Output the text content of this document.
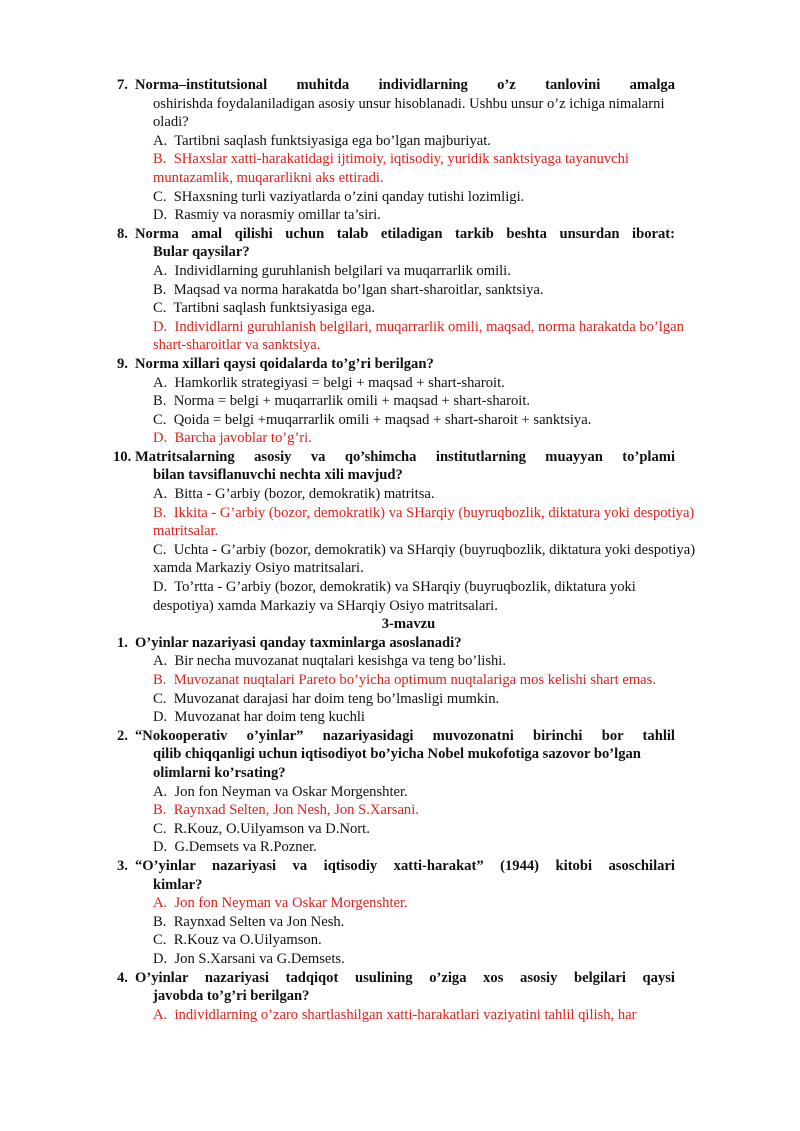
7. Norma–institutsional muhitda individlarning o’z tanlovini amalga
oshirishda foydalaniladigan asosiy unsur hisoblanadi. Ushbu unsur o’z ichiga nimalarni oladi?
A.  Tartibni saqlash funktsiyasiga ega bo’lgan majburiyat.
B.  SHaxslar xatti-harakatidagi ijtimoiy, iqtisodiy, yuridik sanktsiyaga tayanuvchi muntazamlik, muqararlikni aks ettiradi.
C.  SHaxsning turli vaziyatlarda o’zini qanday tutishi lozimligi.
D.  Rasmiy va norasmiy omillar ta’siri.
8. Norma amal qilishi uchun talab etiladigan tarkib beshta unsurdan iborat:
Bular qaysilar?
A.  Individlarning guruhlanish belgilari va muqarrarlik omili.
B.  Maqsad va norma harakatda bo’lgan shart-sharoitlar, sanktsiya.
C.  Tartibni saqlash funktsiyasiga ega.
D.  Individlarni guruhlanish belgilari, muqarrarlik omili, maqsad, norma harakatda bo’lgan shart-sharoitlar va sanktsiya.
9. Norma xillari qaysi qoidalarda to’g’ri berilgan?
A.  Hamkorlik strategiyasi = belgi + maqsad + shart-sharoit.
B.  Norma = belgi + muqarrarlik omili + maqsad + shart-sharoit.
C.  Qoida = belgi +muqarrarlik omili + maqsad + shart-sharoit + sanktsiya.
D.  Barcha javoblar to’g’ri.
10. Matritsalarning asosiy va qo’shimcha institutlarning muayyan to’plami
bilan tavsiflanuvchi nechta xili mavjud?
A.  Bitta - G’arbiy (bozor, demokratik) matritsa.
B.  Ikkita - G’arbiy (bozor, demokratik) va SHarqiy (buyruqbozlik, diktatura yoki despotiya) matritsalar.
C.  Uchta - G’arbiy (bozor, demokratik) va SHarqiy (buyruqbozlik, diktatura yoki despotiya) xamda Markaziy Osiyo matritsalari.
D.  To’rtta - G’arbiy (bozor, demokratik) va SHarqiy (buyruqbozlik, diktatura yoki despotiya) xamda Markaziy va SHarqiy Osiyo matritsalari.
3-mavzu
1. O’yinlar nazariyasi qanday taxminlarga asoslanadi?
A.  Bir necha muvozanat nuqtalari kesishga va teng bo’lishi.
B.  Muvozanat nuqtalari Pareto bo’yicha optimum nuqtalariga mos kelishi shart emas.
C.  Muvozanat darajasi har doim teng bo’lmasligi mumkin.
D.  Muvozanat har doim teng kuchli
2. “Nokooperativ o’yinlar” nazariyasidagi muvozonatni birinchi bor tahlil
qilib chiqqanligi uchun iqtisodiyot bo’yicha Nobel mukofotiga sazovor bo’lgan olimlarni ko’rsating?
A.  Jon fon Neyman va Oskar Morgenshter.
B.  Raynxad Selten, Jon Nesh, Jon S.Xarsani.
C.  R.Kouz, O.Uilyamson va D.Nort.
D.  G.Demsets va R.Pozner.
3. “O’yinlar nazariyasi va iqtisodiy xatti-harakat” (1944) kitobi asoschilari
kimlar?
A.  Jon fon Neyman va Oskar Morgenshter.
B.  Raynxad Selten va Jon Nesh.
C.  R.Kouz va O.Uilyamson.
D.  Jon S.Xarsani va G.Demsets.
4. O’yinlar nazariyasi tadqiqot usulining o’ziga xos asosiy belgilari qaysi
javobda to’g’ri berilgan?
A.  individlarning o’zaro shartlashilgan xatti-harakatlari vaziyatini tahlil qilish, har
